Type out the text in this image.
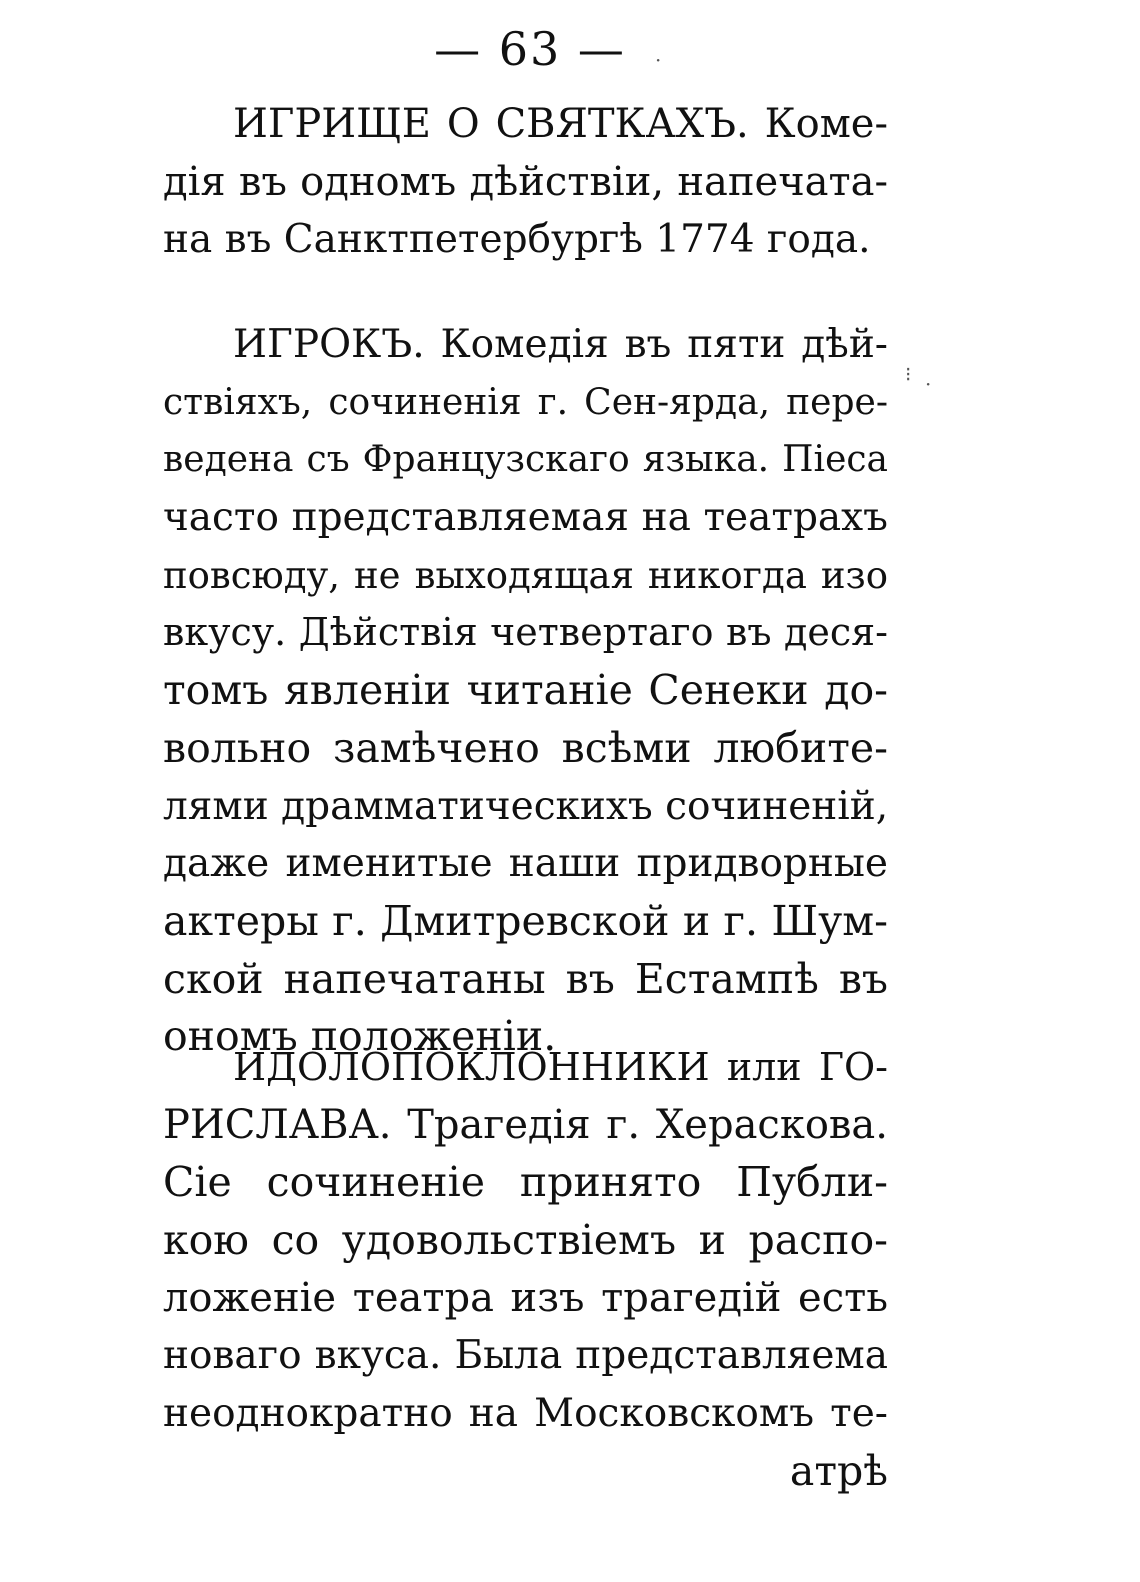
— 63 —
ИГРИЩЕ О СВЯТКАХЪ. Коме-
дія въ одномъ дѣйствіи, напечата-
на въ Санктпетербургѣ 1774 года.
ИГРОКЪ. Комедія въ пяти дѣй-
ствіяхъ, сочиненія г. Сен-ярда, пере-
ведена съ Французскаго языка. Піеса
часто представляемая на театрахъ
повсюду, не выходящая никогда изо
вкусу. Дѣйствія четвертаго въ деся-
томъ явленіи читаніе Сенеки до-
вольно замѣчено всѣми любите-
лями драмматическихъ сочиненій,
даже именитые наши придворные
актеры г. Дмитревской и г. Шум-
ской напечатаны въ Естампѣ въ
ономъ положеніи.
ИДОЛОПОКЛОННИКИ или ГО-
РИСЛАВА. Трагедія г. Хераскова.
Сіе сочиненіе принято Публи-
кою со удовольствіемъ и распо-
ложеніе театра изъ трагедій есть
новаго вкуса. Была представляема
неоднократно на Московскомъ те-
атрѣ
⁝ ·
·
